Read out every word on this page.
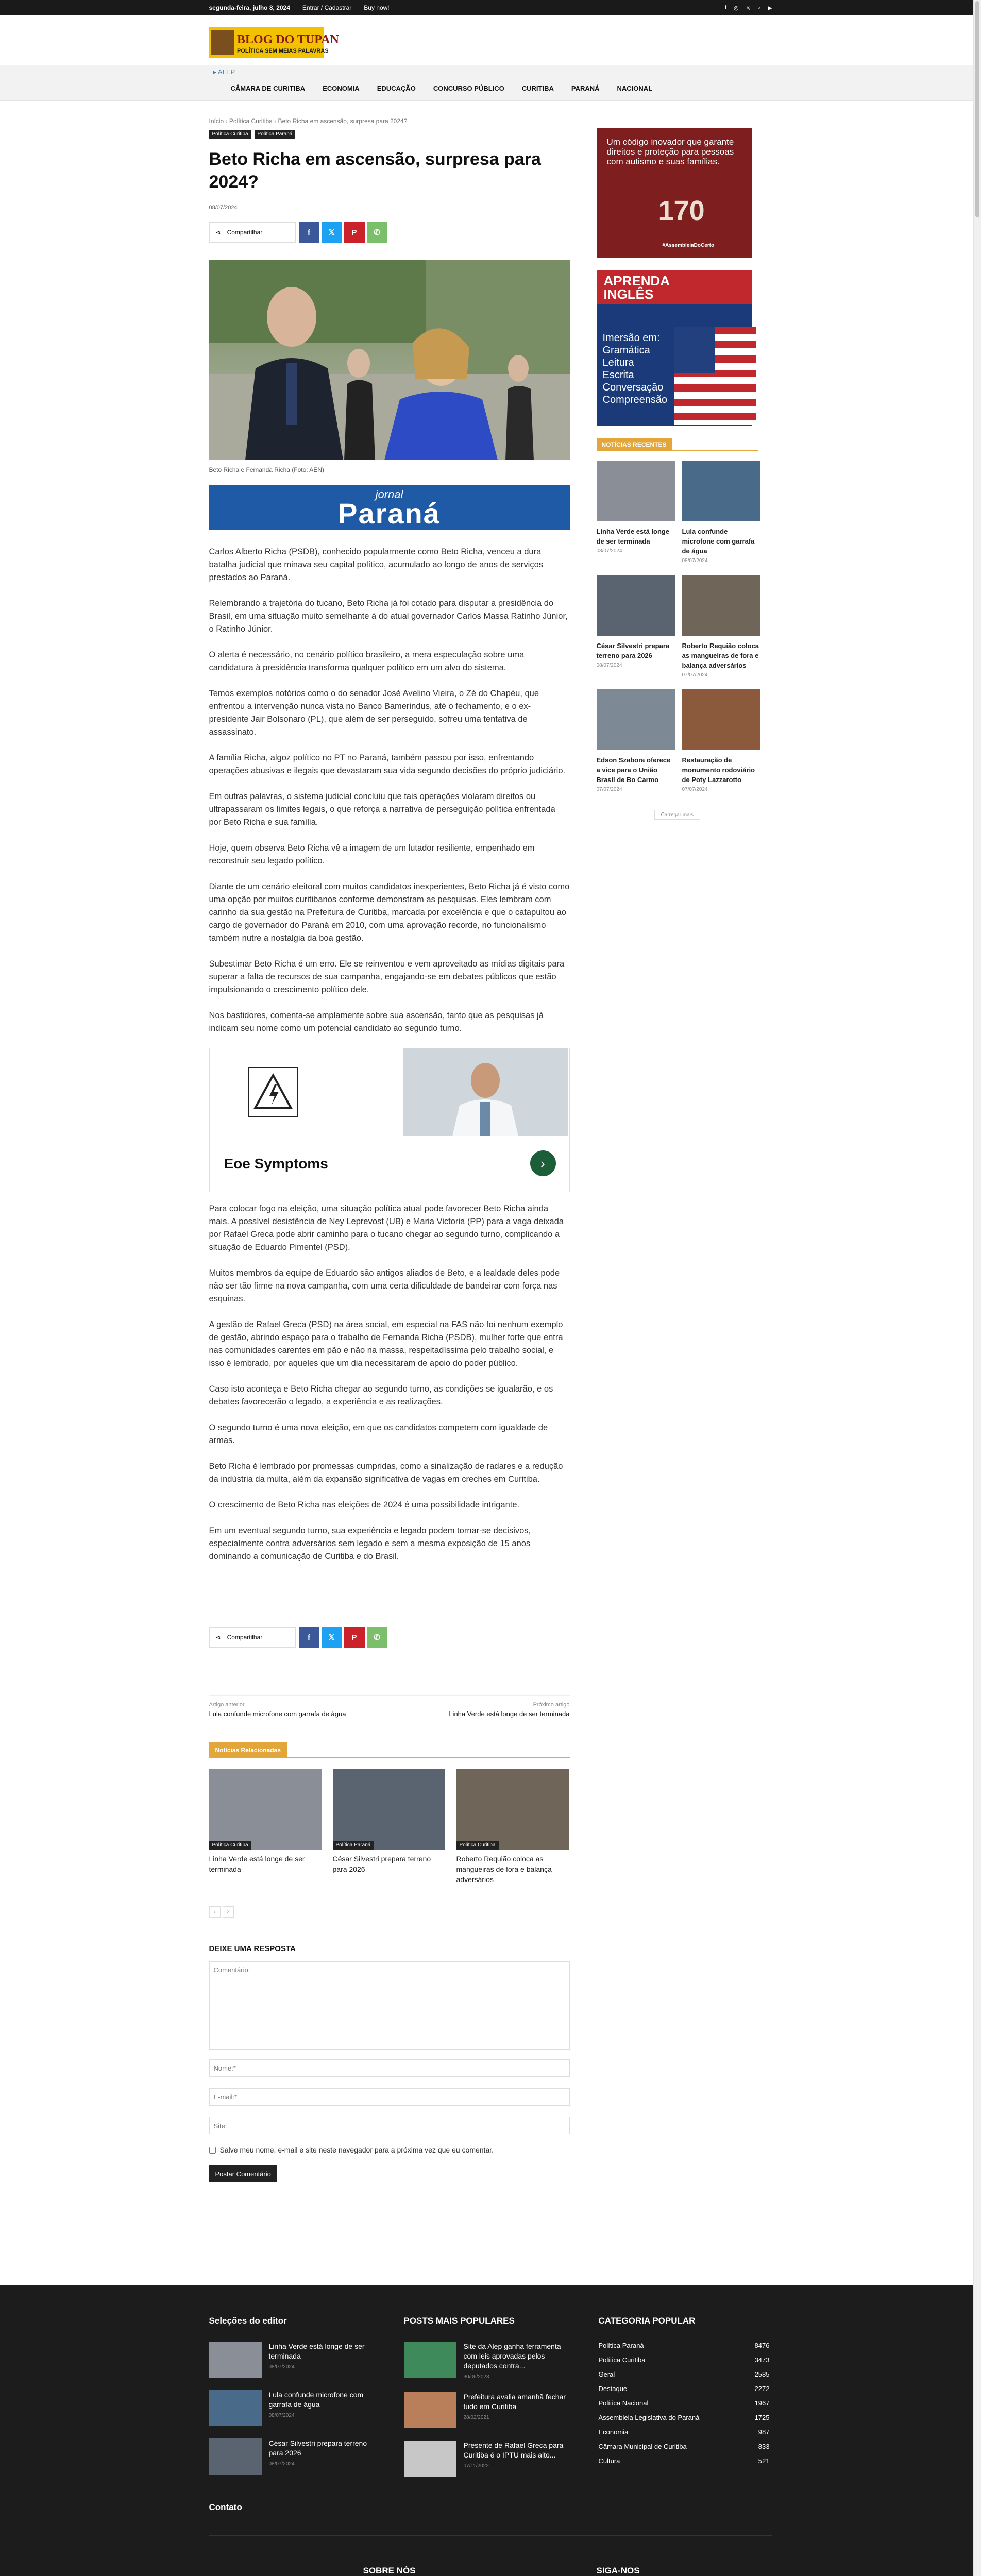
segunda-feira, julho 8, 2024 Entrar / Cadastrar Buy now!	f ◎ 𝕏 ♪ ▶
BLOG DO TUPAN
POLÍTICA SEM MEIAS PALAVRAS
▸ ALEP
CÂMARA DE CURITIBA	ECONOMIA	EDUCAÇÃO	CONCURSO PÚBLICO	CURITIBA	PARANÁ	NACIONAL
Início › Política Curitiba › Beto Richa em ascensão, surpresa para 2024?
Política Curitiba	Política Paraná
Beto Richa em ascensão, surpresa para 2024?
08/07/2024
⋖ Compartilhar	f	𝕏	P	✆
Beto Richa e Fernanda Richa (Foto: AEN)
jornal
Paraná

Carlos Alberto Richa (PSDB), conhecido popularmente como Beto Richa, venceu a dura batalha judicial que minava seu capital político, acumulado ao longo de anos de serviços prestados ao Paraná.

Relembrando a trajetória do tucano, Beto Richa já foi cotado para disputar a presidência do Brasil, em uma situação muito semelhante à do atual governador Carlos Massa Ratinho Júnior, o Ratinho Júnior.

O alerta é necessário, no cenário político brasileiro, a mera especulação sobre uma candidatura à presidência transforma qualquer político em um alvo do sistema.

Temos exemplos notórios como o do senador José Avelino Vieira, o Zé do Chapéu, que enfrentou a intervenção nunca vista no Banco Bamerindus, até o fechamento, e o ex-presidente Jair Bolsonaro (PL), que além de ser perseguido, sofreu uma tentativa de assassinato.

A família Richa, algoz político no PT no Paraná, também passou por isso, enfrentando operações abusivas e ilegais que devastaram sua vida segundo decisões do próprio judiciário.

Em outras palavras, o sistema judicial concluiu que tais operações violaram direitos ou ultrapassaram os limites legais, o que reforça a narrativa de perseguição política enfrentada por Beto Richa e sua família.

Hoje, quem observa Beto Richa vê a imagem de um lutador resiliente, empenhado em reconstruir seu legado político.

Diante de um cenário eleitoral com muitos candidatos inexperientes, Beto Richa já é visto como uma opção por muitos curitibanos conforme demonstram as pesquisas. Eles lembram com carinho da sua gestão na Prefeitura de Curitiba, marcada por excelência e que o catapultou ao cargo de governador do Paraná em 2010, com uma aprovação recorde, no funcionalismo também nutre a nostalgia da boa gestão.

Subestimar Beto Richa é um erro. Ele se reinventou e vem aproveitado as mídias digitais para superar a falta de recursos de sua campanha, engajando-se em debates públicos que estão impulsionando o crescimento político dele.

Nos bastidores, comenta-se amplamente sobre sua ascensão, tanto que as pesquisas já indicam seu nome como um potencial candidato ao segundo turno.

Eoe Symptoms	›

Para colocar fogo na eleição, uma situação política atual pode favorecer Beto Richa ainda mais. A possível desistência de Ney Leprevost (UB) e Maria Victoria (PP) para a vaga deixada por Rafael Greca pode abrir caminho para o tucano chegar ao segundo turno, complicando a situação de Eduardo Pimentel (PSD).

Muitos membros da equipe de Eduardo são antigos aliados de Beto, e a lealdade deles pode não ser tão firme na nova campanha, com uma certa dificuldade de bandeirar com força nas esquinas.

A gestão de Rafael Greca (PSD) na área social, em especial na FAS não foi nenhum exemplo de gestão, abrindo espaço para o trabalho de Fernanda Richa (PSDB), mulher forte que entra nas comunidades carentes em pão e não na massa, respeitadíssima pelo trabalho social, e isso é lembrado, por aqueles que um dia necessitaram de apoio do poder público.

Caso isto aconteça e Beto Richa chegar ao segundo turno, as condições se igualarão, e os debates favorecerão o legado, a experiência e as realizações.

O segundo turno é uma nova eleição, em que os candidatos competem com igualdade de armas.

Beto Richa é lembrado por promessas cumpridas, como a sinalização de radares e a redução da indústria da multa, além da expansão significativa de vagas em creches em Curitiba.

O crescimento de Beto Richa nas eleições de 2024 é uma possibilidade intrigante.

Em um eventual segundo turno, sua experiência e legado podem tornar-se decisivos, especialmente contra adversários sem legado e sem a mesma exposição de 15 anos dominando a comunicação de Curitiba e do Brasil.

⋖ Compartilhar	f	𝕏	P	✆
Artigo anterior
Lula confunde microfone com garrafa de água
Próximo artigo
Linha Verde está longe de ser terminada
Notícias Relacionadas
Política Curitiba
Linha Verde está longe de ser terminada
Política Paraná
César Silvestri prepara terreno para 2026
Política Curitiba
Roberto Requião coloca as mangueiras de fora e balança adversários
‹	›
DEIXE UMA RESPOSTA
Comentário:
Nome:*
E-mail:*
Site:
Salve meu nome, e-mail e site neste navegador para a próxima vez que eu comentar.
Postar Comentário
Um código inovador que garante direitos e proteção para pessoas com autismo e suas famílias.
170
#AssembleiaDoCerto
APRENDA INGLÊS
Imersão em:
Gramática
Leitura
Escrita
Conversação
Compreensão
NOTÍCIAS RECENTES
Linha Verde está longe de ser terminada
08/07/2024
Lula confunde microfone com garrafa de água
08/07/2024
César Silvestri prepara terreno para 2026
08/07/2024
Roberto Requião coloca as mangueiras de fora e balança adversários
07/07/2024
Edson Szabora oferece a vice para o União Brasil de Bo Carmo
07/07/2024
Restauração de monumento rodoviário de Poty Lazzarotto
07/07/2024
Carregar mais
Seleções do editor
Linha Verde está longe de ser terminada
08/07/2024
Lula confunde microfone com garrafa de água
08/07/2024
César Silvestri prepara terreno para 2026
08/07/2024
POSTS MAIS POPULARES
Site da Alep ganha ferramenta com leis aprovadas pelos deputados contra...
30/06/2023
Prefeitura avalia amanhã fechar tudo em Curitiba
28/02/2021
Presente de Rafael Greca para Curitiba é o IPTU mais alto...
07/11/2022
CATEGORIA POPULAR
Política Paraná	8476
Política Curitiba	3473
Geral	2585
Destaque	2272
Política Nacional	1967
Assembleia Legislativa do Paraná	1725
Economia	987
Câmara Municipal de Curitiba	833
Cultura	521
Contato
SOBRE NÓS	SIGA-NOS
